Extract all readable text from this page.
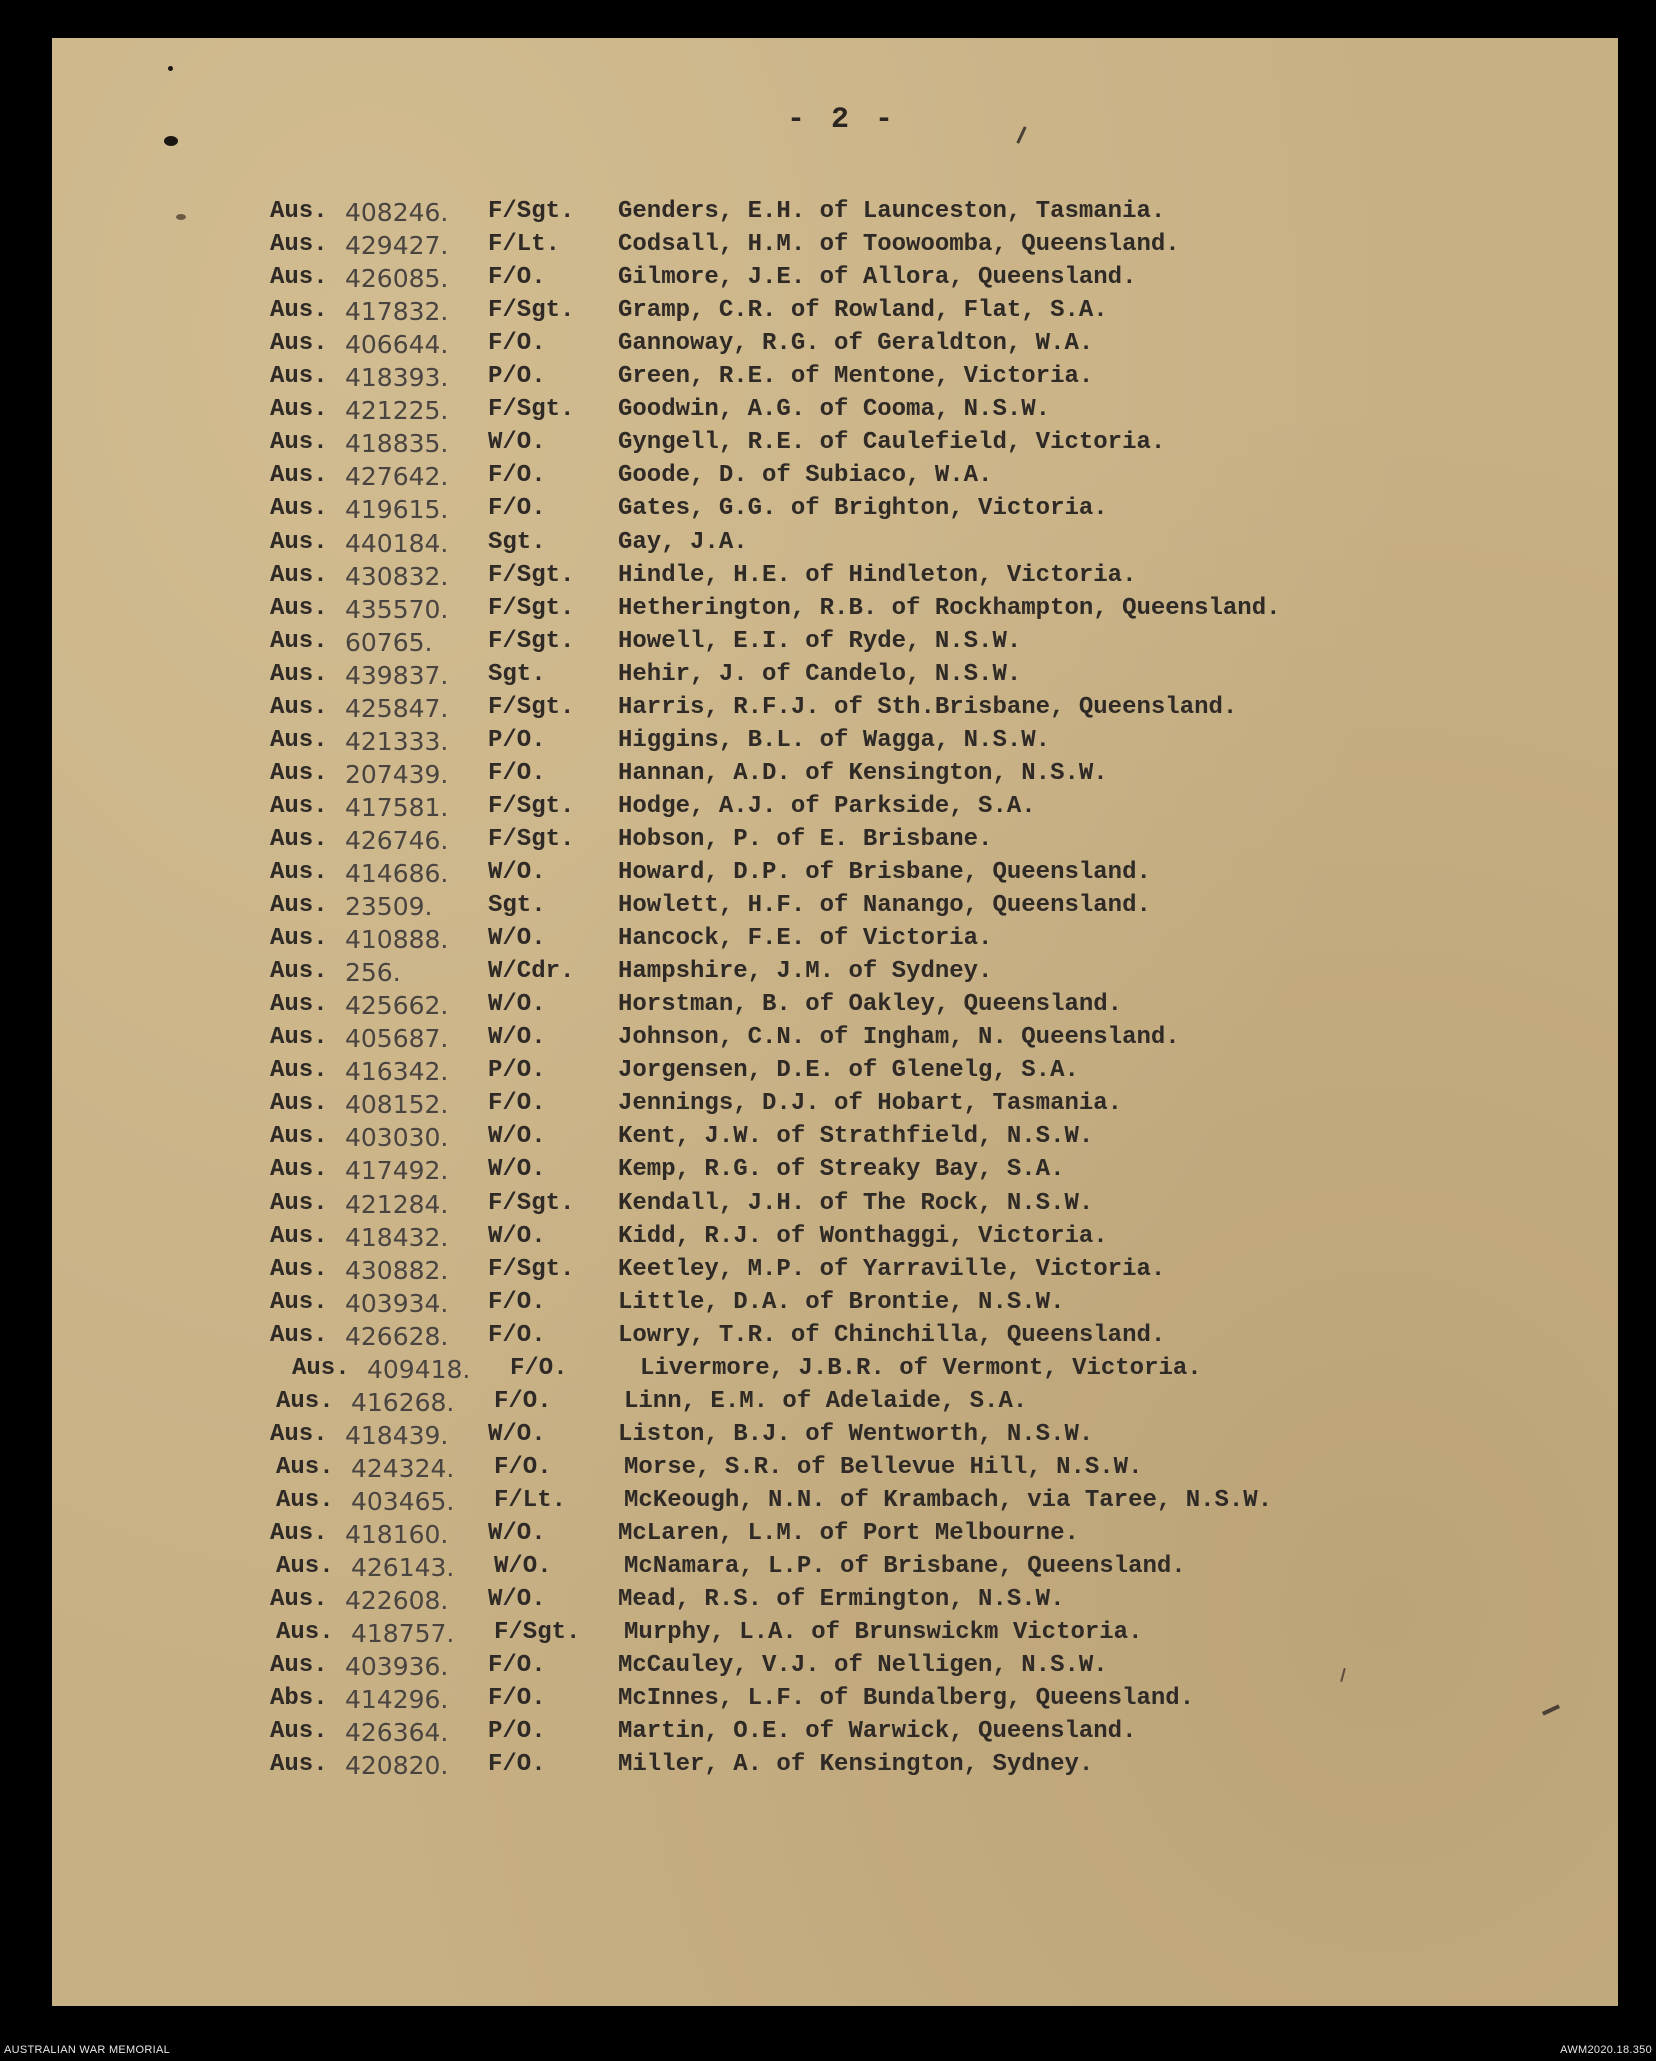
- 2 -
Aus. 408246. F/Sgt. Genders, E.H. of Launceston, Tasmania.
Aus. 429427. F/Lt. Codsall, H.M. of Toowoomba, Queensland.
Aus. 426085. F/O.	Gilmore, J.E. of Allora, Queensland.
Aus. 417832. F/Sgt. Gramp, C.R. of Rowland, Flat, S.A.
Aus. 406644. F/O.	Gannoway, R.G. of Geraldton, W.A.
Aus. 418393. P/O.	Green, R.E. of Mentone, Victoria.
Aus. 421225. F/Sgt. Goodwin, A.G. of Cooma, N.S.W.
Aus. 418835. W/O.	Gyngell, R.E. of Caulefield, Victoria.
Aus. 427642. F/O.	Goode, D. of Subiaco, W.A.
Aus. 419615. F/O.	Gates, G.G. of Brighton, Victoria.
Aus. 440184. Sgt.	Gay, J.A.
Aus. 430832. F/Sgt. Hindle, H.E. of Hindleton, Victoria.
Aus. 435570. F/Sgt. Hetherington, R.B. of Rockhampton, Queensland.
Aus. 60765. F/Sgt. Howell, E.I. of Ryde, N.S.W.
Aus. 439837. Sgt.	Hehir, J. of Candelo, N.S.W.
Aus. 425847. F/Sgt. Harris, R.F.J. of Sth.Brisbane, Queensland.
Aus. 421333. P/O.	Higgins, B.L. of Wagga, N.S.W.
Aus. 207439. F/O.	Hannan, A.D. of Kensington, N.S.W.
Aus. 417581. F/Sgt. Hodge, A.J. of Parkside, S.A.
Aus. 426746. F/Sgt. Hobson, P. of E. Brisbane.
Aus. 414686. W/O.	Howard, D.P. of Brisbane, Queensland.
Aus. 23509. Sgt.	Howlett, H.F. of Nanango, Queensland.
Aus. 410888. W/O.	Hancock, F.E. of Victoria.
Aus. 256.	W/Cdr. Hampshire, J.M. of Sydney.
Aus. 425662. W/O.	Horstman, B. of Oakley, Queensland.
Aus. 405687. W/O.	Johnson, C.N. of Ingham, N. Queensland.
Aus. 416342. P/O.	Jorgensen, D.E. of Glenelg, S.A.
Aus. 408152. F/O.	Jennings, D.J. of Hobart, Tasmania.
Aus. 403030. W/O.	Kent, J.W. of Strathfield, N.S.W.
Aus. 417492. W/O.	Kemp, R.G. of Streaky Bay, S.A.
Aus. 421284. F/Sgt. Kendall, J.H. of The Rock, N.S.W.
Aus. 418432. W/O.	Kidd, R.J. of Wonthaggi, Victoria.
Aus. 430882. F/Sgt. Keetley, M.P. of Yarraville, Victoria.
Aus. 403934. F/O.	Little, D.A. of Brontie, N.S.W.
Aus. 426628. F/O.	Lowry, T.R. of Chinchilla, Queensland.
Aus. 409418. F/O.	Livermore, J.B.R. of Vermont, Victoria.
Aus. 416268. F/O.	Linn, E.M. of Adelaide, S.A.
Aus. 418439. W/O.	Liston, B.J. of Wentworth, N.S.W.
Aus. 424324. F/O.	Morse, S.R. of Bellevue Hill, N.S.W.
Aus. 403465. F/Lt. McKeough, N.N. of Krambach, via Taree, N.S.W.
Aus. 418160. W/O.	McLaren, L.M. of Port Melbourne.
Aus. 426143. W/O.	McNamara, L.P. of Brisbane, Queensland.
Aus. 422608. W/O.	Mead, R.S. of Ermington, N.S.W.
Aus. 418757. F/Sgt. Murphy, L.A. of Brunswickm Victoria.
Aus. 403936. F/O.	McCauley, V.J. of Nelligen, N.S.W.
Abs. 414296. F/O.	McInnes, L.F. of Bundalberg, Queensland.
Aus. 426364. P/O.	Martin, O.E. of Warwick, Queensland.
Aus. 420820. F/O.	Miller, A. of Kensington, Sydney.
AUSTRALIAN WAR MEMORIAL	AWM2020.18.350
